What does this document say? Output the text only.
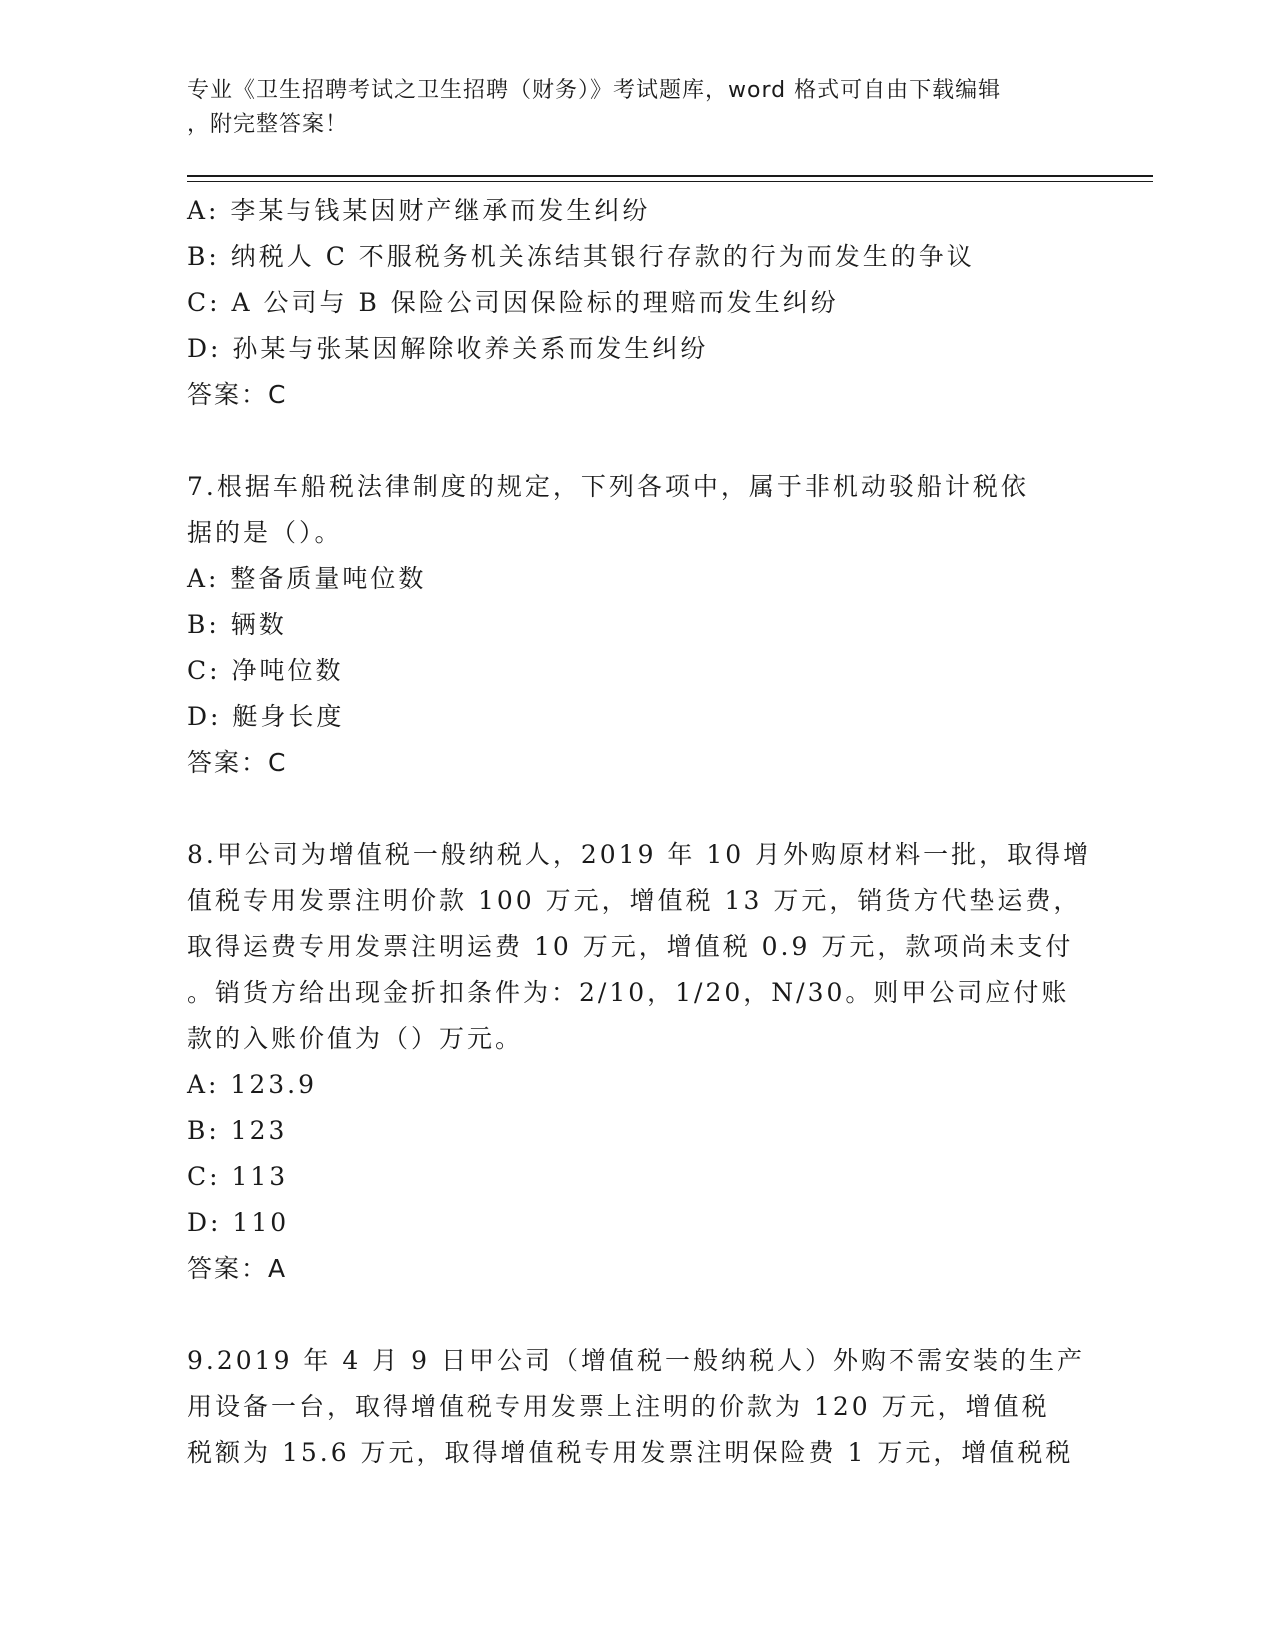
专业《卫生招聘考试之卫生招聘（财务）》考试题库，word 格式可自由下载编辑
，附完整答案！
A: 李某与钱某因财产继承而发生纠纷
B: 纳税人 C 不服税务机关冻结其银行存款的行为而发生的争议
C: A 公司与 B 保险公司因保险标的理赔而发生纠纷
D: 孙某与张某因解除收养关系而发生纠纷
答案：C
7.根据车船税法律制度的规定，下列各项中，属于非机动驳船计税依
据的是（）。
A: 整备质量吨位数
B: 辆数
C: 净吨位数
D: 艇身长度
答案：C
8.甲公司为增值税一般纳税人，2019 年 10 月外购原材料一批，取得增
值税专用发票注明价款 100 万元，增值税 13 万元，销货方代垫运费，
取得运费专用发票注明运费 10 万元，增值税 0.9 万元，款项尚未支付
。销货方给出现金折扣条件为：2/10，1/20，N/30。则甲公司应付账
款的入账价值为（）万元。
A: 123.9
B: 123
C: 113
D: 110
答案：A
9.2019 年 4 月 9 日甲公司（增值税一般纳税人）外购不需安装的生产
用设备一台，取得增值税专用发票上注明的价款为 120 万元，增值税
税额为 15.6 万元，取得增值税专用发票注明保险费 1 万元，增值税税
